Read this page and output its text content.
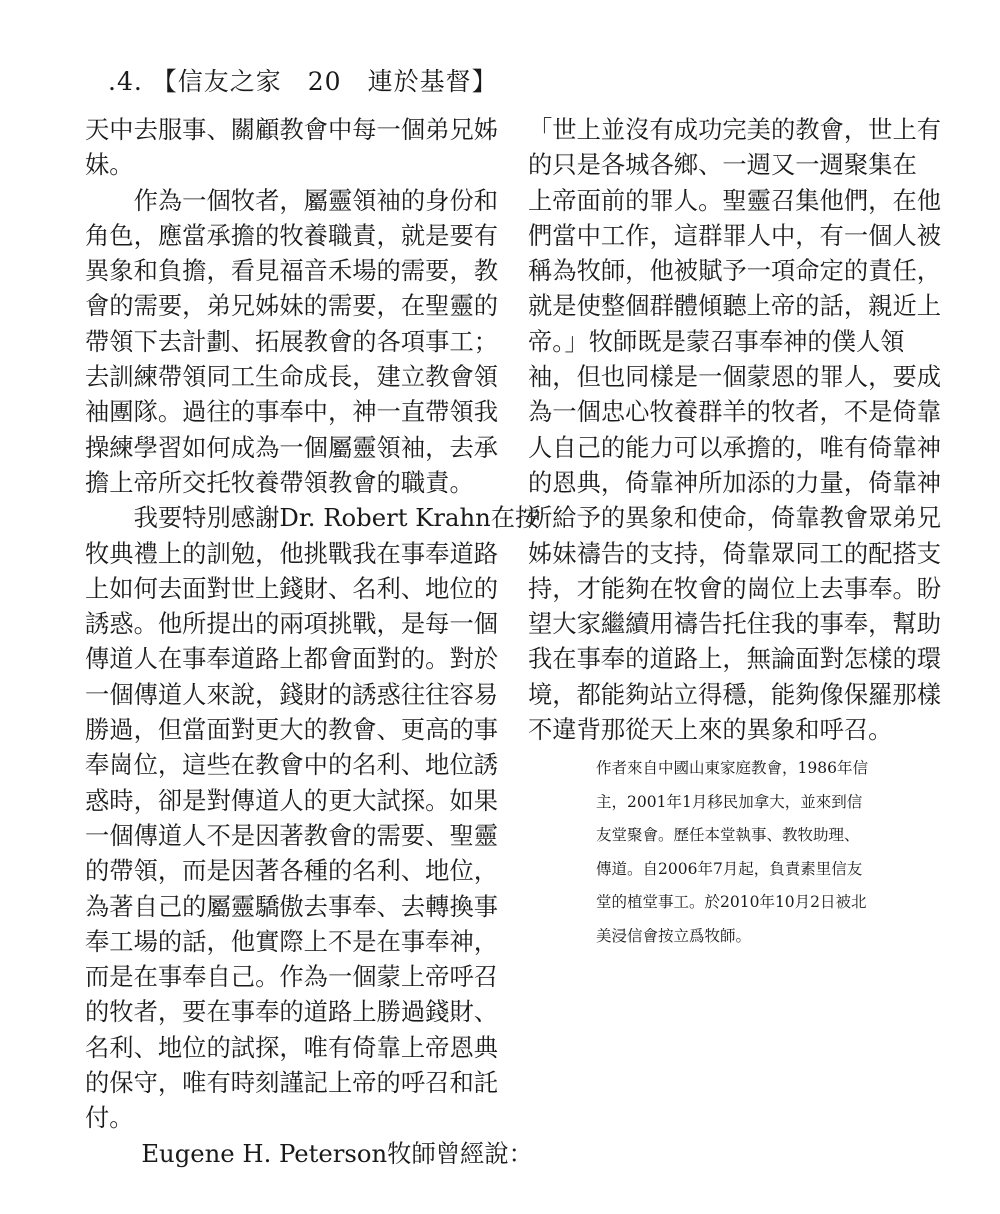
.4. 【信友之家　20　連於基督】
天中去服事、關顧教會中每一個弟兄姊
妹。
　　作為一個牧者，屬靈領袖的身份和
角色，應當承擔的牧養職責，就是要有
異象和負擔，看見福音禾場的需要，教
會的需要，弟兄姊妹的需要，在聖靈的
帶領下去計劃、拓展教會的各項事工；
去訓練帶領同工生命成長，建立教會領
袖團隊。過往的事奉中，神一直帶領我
操練學習如何成為一個屬靈領袖，去承
擔上帝所交托牧養帶領教會的職責。
　　我要特別感謝Dr. Robert Krahn在按
牧典禮上的訓勉，他挑戰我在事奉道路
上如何去面對世上錢財、名利、地位的
誘惑。他所提出的兩項挑戰，是每一個
傳道人在事奉道路上都會面對的。對於
一個傳道人來說，錢財的誘惑往往容易
勝過，但當面對更大的教會、更高的事
奉崗位，這些在教會中的名利、地位誘
惑時，卻是對傳道人的更大試探。如果
一個傳道人不是因著教會的需要、聖靈
的帶領，而是因著各種的名利、地位，
為著自己的屬靈驕傲去事奉、去轉換事
奉工場的話，他實際上不是在事奉神，
而是在事奉自己。作為一個蒙上帝呼召
的牧者，要在事奉的道路上勝過錢財、
名利、地位的試探，唯有倚靠上帝恩典
的保守，唯有時刻謹記上帝的呼召和託
付。
　　 Eugene H. Peterson牧師曾經說：
「世上並沒有成功完美的教會，世上有
的只是各城各鄉、一週又一週聚集在
上帝面前的罪人。聖靈召集他們，在他
們當中工作，這群罪人中，有一個人被
稱為牧師，他被賦予一項命定的責任，
就是使整個群體傾聽上帝的話，親近上
帝。」牧師既是蒙召事奉神的僕人領
袖，但也同樣是一個蒙恩的罪人，要成
為一個忠心牧養群羊的牧者，不是倚靠
人自己的能力可以承擔的，唯有倚靠神
的恩典，倚靠神所加添的力量，倚靠神
所給予的異象和使命，倚靠教會眾弟兄
姊妹禱告的支持，倚靠眾同工的配搭支
持，才能夠在牧會的崗位上去事奉。盼
望大家繼續用禱告托住我的事奉，幫助
我在事奉的道路上，無論面對怎樣的環
境，都能夠站立得穩，能夠像保羅那樣
不違背那從天上來的異象和呼召。
作者來自中國山東家庭教會，1986年信
主，2001年1月移民加拿大，並來到信
友堂聚會。歷任本堂執事、教牧助理、
傳道。自2006年7月起，負責素里信友
堂的植堂事工。於2010年10月2日被北
美浸信會按立爲牧師。
